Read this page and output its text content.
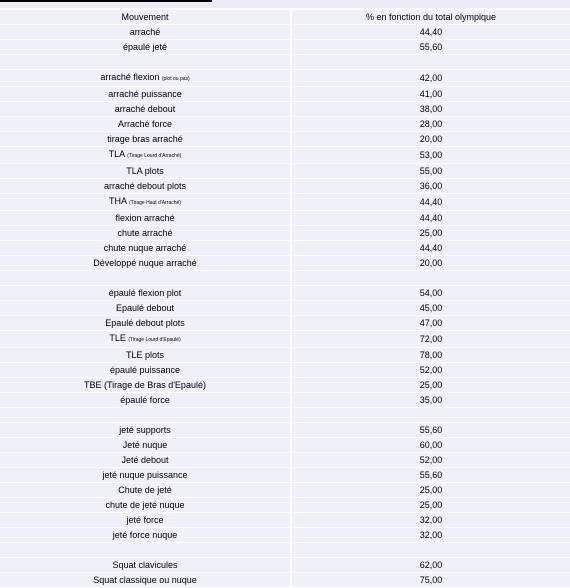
Mouvement		% en fonction du total olympique
arraché		44,40
épaulé jeté		55,60

arraché flexion (plot ou pas)		42,00
arraché puissance		41,00
arraché debout		38,00
Arraché force		28,00
tirage bras arraché		20,00
TLA (Tirage Lourd d'Arraché)		53,00
TLA plots		55,00
arraché debout plots		36,00
THA (Tirage Haut d'Arraché)		44,40
flexion arraché		44,40
chute arraché		25,00
chute nuque arraché		44,40
Développé nuque arraché		20,00

épaulé flexion plot		54,00
Epaulé debout		45,00
Epaulé debout plots		47,00
TLE (Tirage Lourd d'Epaulé)		72,00
TLE plots		78,00
épaulé puissance		52,00
TBE (Tirage de Bras d'Epaulé)		25,00
épaulé force		35,00

jeté supports		55,60
Jeté nuque		60,00
Jeté debout		52,00
jeté nuque puissance		55,60
Chute de jeté		25,00
chute de jeté nuque		25,00
jeté force		32,00
jeté force nuque		32,00

Squat clavicules		62,00
Squat classique ou nuque		75,00
